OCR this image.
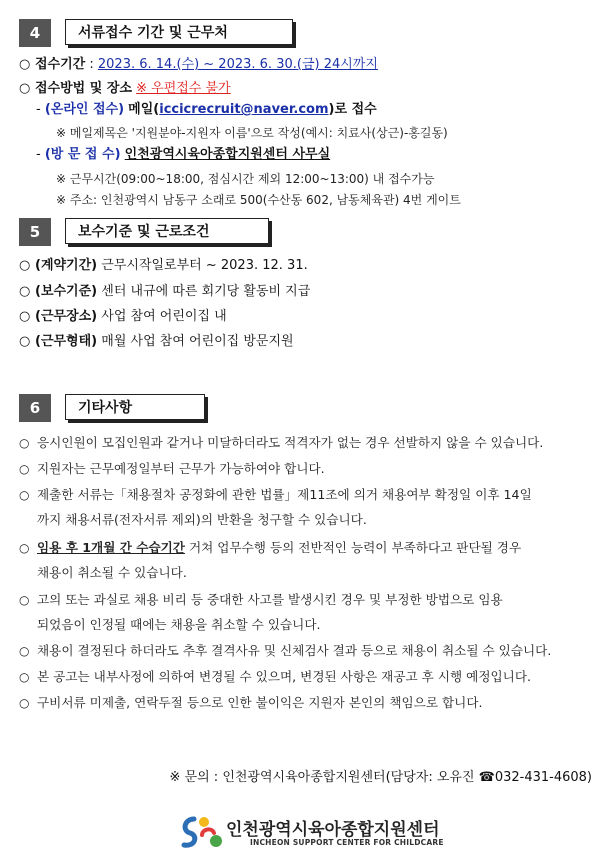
4	서류접수 기간 및 근무처
○ 접수기간 : 2023. 6. 14.(수) ~ 2023. 6. 30.(금) 24시까지
○ 접수방법 및 장소 ※ 우편접수 불가
- (온라인 접수) 메일(iccicrecruit@naver.com)로 접수
※ 메일제목은 '지원분야-지원자 이름'으로 작성(예시: 치료사(상근)-홍길동)
- (방 문 접 수) 인천광역시육아종합지원센터 사무실
※ 근무시간(09:00~18:00, 점심시간 제외 12:00~13:00) 내 접수가능
※ 주소: 인천광역시 남동구 소래로 500(수산동 602, 남동체육관) 4번 게이트
5	보수기준 및 근로조건
○ (계약기간) 근무시작일로부터 ~ 2023. 12. 31.
○ (보수기준) 센터 내규에 따른 회기당 활동비 지급
○ (근무장소) 사업 참여 어린이집 내
○ (근무형태) 매월 사업 참여 어린이집 방문지원
6	기타사항
○ 응시인원이 모집인원과 같거나 미달하더라도 적격자가 없는 경우 선발하지 않을 수 있습니다.
○ 지원자는 근무예정일부터 근무가 가능하여야 합니다.
○ 제출한 서류는「채용절차 공정화에 관한 법률」제11조에 의거 채용여부 확정일 이후 14일
까지 채용서류(전자서류 제외)의 반환을 청구할 수 있습니다.
○ 임용 후 1개월 간 수습기간 거쳐 업무수행 등의 전반적인 능력이 부족하다고 판단될 경우
채용이 취소될 수 있습니다.
○ 고의 또는 과실로 채용 비리 등 중대한 사고를 발생시킨 경우 및 부정한 방법으로 임용
되었음이 인정될 때에는 채용을 취소할 수 있습니다.
○ 채용이 결정된다 하더라도 추후 결격사유 및 신체검사 결과 등으로 채용이 취소될 수 있습니다.
○ 본 공고는 내부사정에 의하여 변경될 수 있으며, 변경된 사항은 재공고 후 시행 예정입니다.
○ 구비서류 미제출, 연락두절 등으로 인한 불이익은 지원자 본인의 책임으로 합니다.
※ 문의 : 인천광역시육아종합지원센터(담당자: 오유진 ☎032-431-4608)
인천광역시육아종합지원센터
INCHEON SUPPORT CENTER FOR CHILDCARE
